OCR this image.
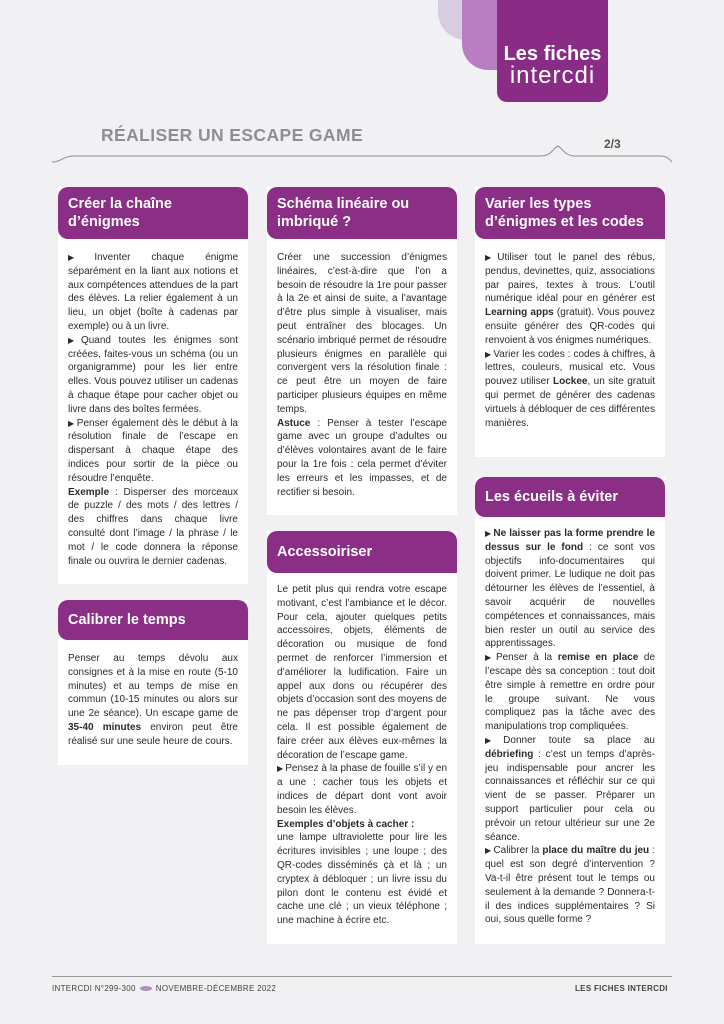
Les fiches
intercdi
RÉALISER UN ESCAPE GAME	2/3
Créer la chaîne d’énigmes

▶ Inventer chaque énigme séparément en la liant aux notions et aux compétences attendues de la part des élèves. La relier également à un lieu, un objet (boîte à cadenas par exemple) ou à un livre.

▶ Quand toutes les énigmes sont créées, faites-vous un schéma (ou un organigramme) pour les lier entre elles. Vous pouvez utiliser un cadenas à chaque étape pour cacher objet ou livre dans des boîtes fermées.

▶ Penser également dès le début à la résolution finale de l’escape en dispersant à chaque étape des indices pour sortir de la pièce ou résoudre l’enquête.

Exemple : Disperser des morceaux de puzzle / des mots / des lettres / des chiffres dans chaque livre consulté dont l’image / la phrase / le mot / le code donnera la réponse finale ou ouvrira le dernier cadenas.

Calibrer le temps

Penser au temps dévolu aux consignes et à la mise en route (5-10 minutes) et au temps de mise en commun (10-15 minutes ou alors sur une 2e séance). Un escape game de 35-40 minutes environ peut être réalisé sur une seule heure de cours.

Schéma linéaire ou imbriqué ?

Créer une succession d’énigmes linéaires, c’est-à-dire que l’on a besoin de résoudre la 1re pour passer à la 2e et ainsi de suite, a l’avantage d’être plus simple à visualiser, mais peut entraîner des blocages. Un scénario imbriqué permet de résoudre plusieurs énigmes en parallèle qui convergent vers la résolution finale : ce peut être un moyen de faire participer plusieurs équipes en même temps.

Astuce : Penser à tester l’escape game avec un groupe d’adultes ou d’élèves volontaires avant de le faire pour la 1re fois : cela permet d’éviter les erreurs et les impasses, et de rectifier si besoin.

Accessoiriser

Le petit plus qui rendra votre escape motivant, c’est l’ambiance et le décor. Pour cela, ajouter quelques petits accessoires, objets, éléments de décoration ou musique de fond permet de renforcer l’immersion et d’améliorer la ludification. Faire un appel aux dons ou récupérer des objets d’occasion sont des moyens de ne pas dépenser trop d’argent pour cela. Il est possible également de faire créer aux élèves eux-mêmes la décoration de l’escape game.

▶ Pensez à la phase de fouille s’il y en a une : cacher tous les objets et indices de départ dont vont avoir besoin les élèves.

Exemples d’objets à cacher :
une lampe ultraviolette pour lire les écritures invisibles ; une loupe ; des QR-codes disséminés çà et là ; un cryptex à débloquer ; un livre issu du pilon dont le contenu est évidé et cache une clé ; un vieux téléphone ; une machine à écrire etc.

Varier les types d’énigmes et les codes

▶ Utiliser tout le panel des rébus, pendus, devinettes, quiz, associations par paires, textes à trous. L’outil numérique idéal pour en générer est Learning apps (gratuit). Vous pouvez ensuite générer des QR-codes qui renvoient à vos énigmes numériques.

▶ Varier les codes : codes à chiffres, à lettres, couleurs, musical etc. Vous pouvez utiliser Lockee, un site gratuit qui permet de générer des cadenas virtuels à débloquer de ces différentes manières.

Les écueils à éviter

▶ Ne laisser pas la forme prendre le dessus sur le fond : ce sont vos objectifs info-documentaires qui doivent primer. Le ludique ne doit pas détourner les élèves de l’essentiel, à savoir acquérir de nouvelles compétences et connaissances, mais bien rester un outil au service des apprentissages.

▶ Penser à la remise en place de l’escape dès sa conception : tout doit être simple à remettre en ordre pour le groupe suivant. Ne vous compliquez pas la tâche avec des manipulations trop compliquées.

▶ Donner toute sa place au débriefing : c’est un temps d’après-jeu indispensable pour ancrer les connaissances et réfléchir sur ce qui vient de se passer. Préparer un support particulier pour cela ou prévoir un retour ultérieur sur une 2e séance.

▶ Calibrer la place du maître du jeu : quel est son degré d’intervention ? Va-t-il être présent tout le temps ou seulement à la demande ? Donnera-t-il des indices supplémentaires ? Si oui, sous quelle forme ?

INTERCDI N°299-300	NOVEMBRE-DÉCEMBRE 2022	LES FICHES INTERCDI
